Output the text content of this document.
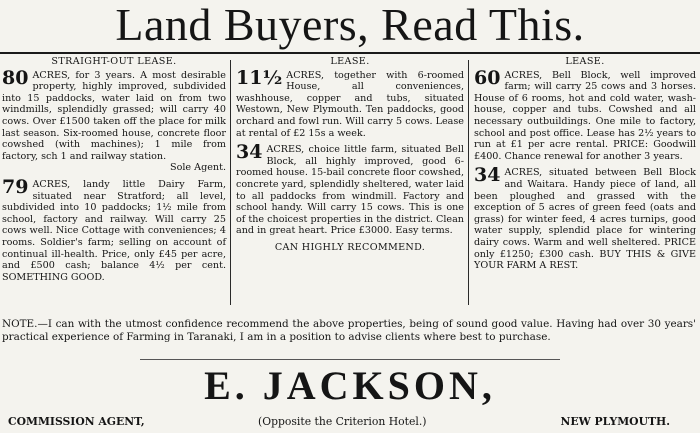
Land Buyers, Read This.
STRAIGHT-OUT LEASE.
80 ACRES, for 3 years. A most desirable property, highly improved, subdivided into 15 paddocks, water laid on from two windmills, splendidly grassed; will carry 40 cows. Over £1500 taken off the place for milk last season. Six-roomed house, concrete floor cowshed (with machines); 1 mile from factory, sch 1 and railway station.
Sole Agent.
79 ACRES, landy little Dairy Farm, situated near Stratford; all level, subdivided into 10 paddocks; 1½ mile from school, factory and railway. Will carry 25 cows well. Nice Cottage with conveniences; 4 rooms. Soldier's farm; selling on account of continual ill-health. Price, only £45 per acre, and £500 cash; balance 4½ per cent. SOMETHING GOOD.
LEASE.
11½ ACRES, together with 6-roomed House, all conveniences, washhouse, copper and tubs, situated Westown, New Plymouth. Ten paddocks, good orchard and fowl run. Will carry 5 cows. Lease at rental of £2 15s a week.
34 ACRES, choice little farm, situated Bell Block, all highly improved, good 6-roomed house. 15-bail concrete floor cowshed, concrete yard, splendidly sheltered, water laid to all paddocks from windmill. Factory and school handy. Will carry 15 cows. This is one of the choicest properties in the district. Clean and in great heart. Price £3000. Easy terms.
CAN HIGHLY RECOMMEND.
LEASE.
60 ACRES, Bell Block, well improved farm; will carry 25 cows and 3 horses. House of 6 rooms, hot and cold water, wash-house, copper and tubs. Cowshed and all necessary outbuildings. One mile to factory, school and post office. Lease has 2½ years to run at £1 per acre rental. PRICE: Goodwill £400. Chance renewal for another 3 years.
34 ACRES, situated between Bell Block and Waitara. Handy piece of land, all been ploughed and grassed with the exception of 5 acres of green feed (oats and grass) for winter feed, 4 acres turnips, good water supply, splendid place for wintering dairy cows. Warm and well sheltered. PRICE only £1250; £300 cash. BUY THIS & GIVE YOUR FARM A REST.
NOTE.—I can with the utmost confidence recommend the above properties, being of sound good value. Having had over 30 years' practical experience of Farming in Taranaki, I am in a position to advise clients where best to purchase.
E. JACKSON,
COMMISSION AGENT,	(Opposite the Criterion Hotel.)	NEW PLYMOUTH.
